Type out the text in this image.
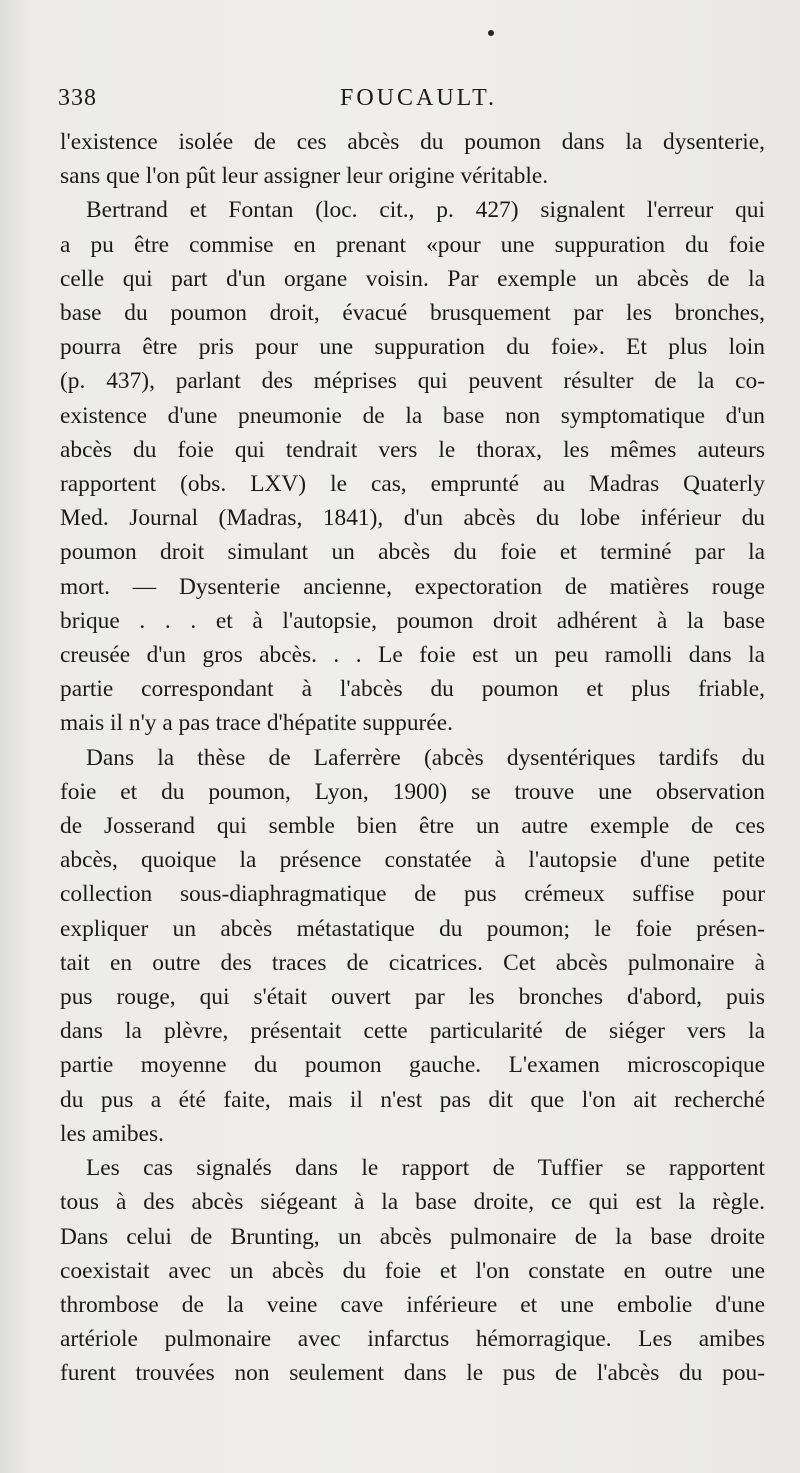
338	FOUCAULT.

l'existence isolée de ces abcès du poumon dans la dysenterie,
sans que l'on pût leur assigner leur origine véritable.

Bertrand et Fontan (loc. cit., p. 427) signalent l'erreur qui
a pu être commise en prenant «pour une suppuration du foie
celle qui part d'un organe voisin. Par exemple un abcès de la
base du poumon droit, évacué brusquement par les bronches,
pourra être pris pour une suppuration du foie». Et plus loin
(p. 437), parlant des méprises qui peuvent résulter de la co-
existence d'une pneumonie de la base non symptomatique d'un
abcès du foie qui tendrait vers le thorax, les mêmes auteurs
rapportent (obs. LXV) le cas, emprunté au Madras Quaterly
Med. Journal (Madras, 1841), d'un abcès du lobe inférieur du
poumon droit simulant un abcès du foie et terminé par la
mort. — Dysenterie ancienne, expectoration de matières rouge
brique . . . et à l'autopsie, poumon droit adhérent à la base
creusée d'un gros abcès. . . Le foie est un peu ramolli dans la
partie correspondant à l'abcès du poumon et plus friable,
mais il n'y a pas trace d'hépatite suppurée.

Dans la thèse de Laferrère (abcès dysentériques tardifs du
foie et du poumon, Lyon, 1900) se trouve une observation
de Josserand qui semble bien être un autre exemple de ces
abcès, quoique la présence constatée à l'autopsie d'une petite
collection sous-diaphragmatique de pus crémeux suffise pour
expliquer un abcès métastatique du poumon; le foie présen-
tait en outre des traces de cicatrices. Cet abcès pulmonaire à
pus rouge, qui s'était ouvert par les bronches d'abord, puis
dans la plèvre, présentait cette particularité de siéger vers la
partie moyenne du poumon gauche. L'examen microscopique
du pus a été faite, mais il n'est pas dit que l'on ait recherché
les amibes.

Les cas signalés dans le rapport de Tuffier se rapportent
tous à des abcès siégeant à la base droite, ce qui est la règle.
Dans celui de Brunting, un abcès pulmonaire de la base droite
coexistait avec un abcès du foie et l'on constate en outre une
thrombose de la veine cave inférieure et une embolie d'une
artériole pulmonaire avec infarctus hémorragique. Les amibes
furent trouvées non seulement dans le pus de l'abcès du pou-
